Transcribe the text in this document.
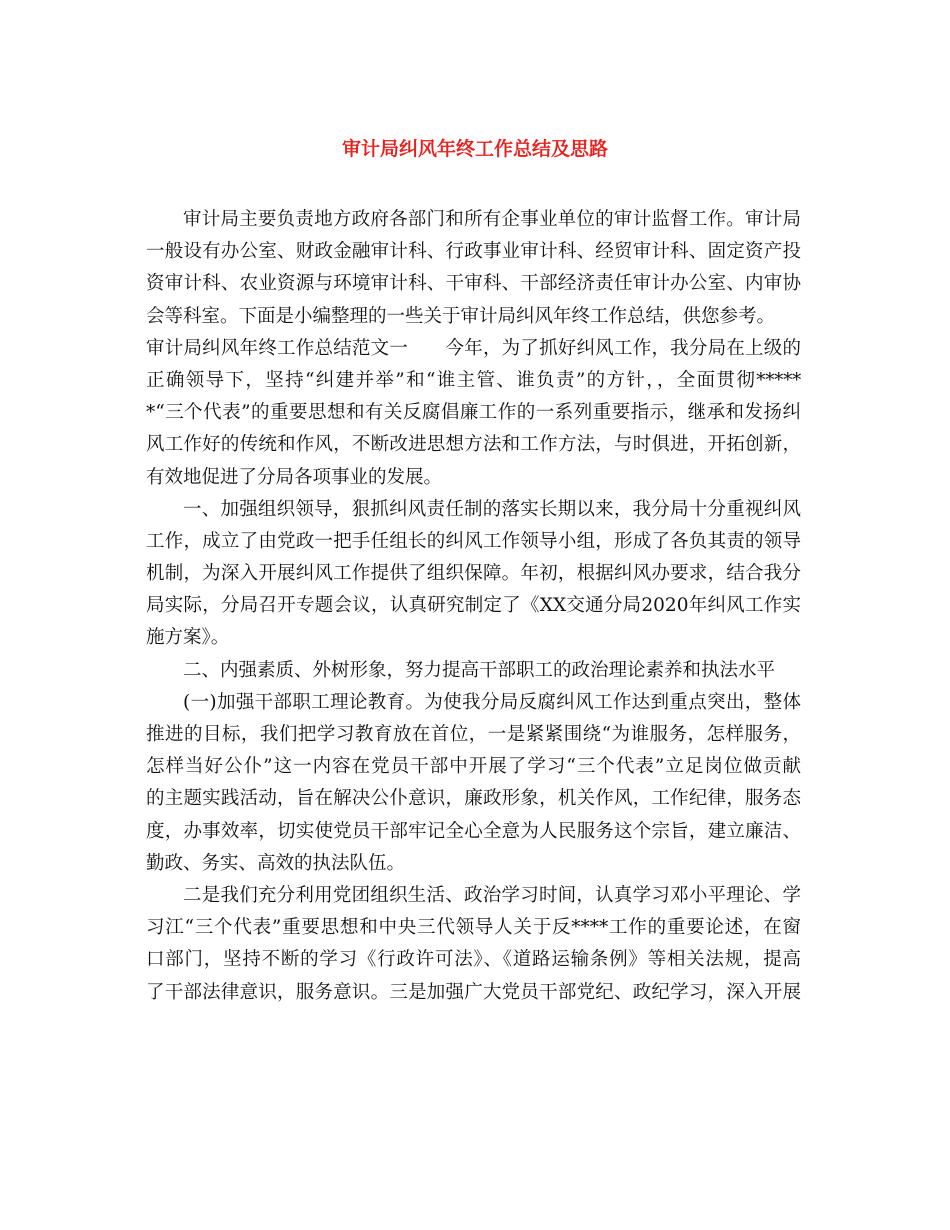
审计局纠风年终工作总结及思路
审计局主要负责地方政府各部门和所有企事业单位的审计监督工作。审计局
一般设有办公室、财政金融审计科、行政事业审计科、经贸审计科、固定资产投
资审计科、农业资源与环境审计科、干审科、干部经济责任审计办公室、内审协
会等科室。下面是小编整理的一些关于审计局纠风年终工作总结，供您参考。
审计局纠风年终工作总结范文一　　今年，为了抓好纠风工作，我分局在上级的
正确领导下，坚持“纠建并举”和“谁主管、谁负责”的方针，，全面贯彻*****
*“三个代表”的重要思想和有关反腐倡廉工作的一系列重要指示，继承和发扬纠
风工作好的传统和作风，不断改进思想方法和工作方法，与时俱进，开拓创新，
有效地促进了分局各项事业的发展。
一、加强组织领导，狠抓纠风责任制的落实长期以来，我分局十分重视纠风
工作，成立了由党政一把手任组长的纠风工作领导小组，形成了各负其责的领导
机制，为深入开展纠风工作提供了组织保障。年初，根据纠风办要求，结合我分
局实际，分局召开专题会议，认真研究制定了《XX交通分局2020年纠风工作实
施方案》。
二、内强素质、外树形象，努力提高干部职工的政治理论素养和执法水平
(一)加强干部职工理论教育。为使我分局反腐纠风工作达到重点突出，整体
推进的目标，我们把学习教育放在首位，一是紧紧围绕“为谁服务，怎样服务，
怎样当好公仆”这一内容在党员干部中开展了学习“三个代表”立足岗位做贡献
的主题实践活动，旨在解决公仆意识，廉政形象，机关作风，工作纪律，服务态
度，办事效率，切实使党员干部牢记全心全意为人民服务这个宗旨，建立廉洁、
勤政、务实、高效的执法队伍。
二是我们充分利用党团组织生活、政治学习时间，认真学习邓小平理论、学
习江“三个代表”重要思想和中央三代领导人关于反****工作的重要论述，在窗
口部门，坚持不断的学习《行政许可法》、《道路运输条例》等相关法规，提高
了干部法律意识，服务意识。三是加强广大党员干部党纪、政纪学习，深入开展
